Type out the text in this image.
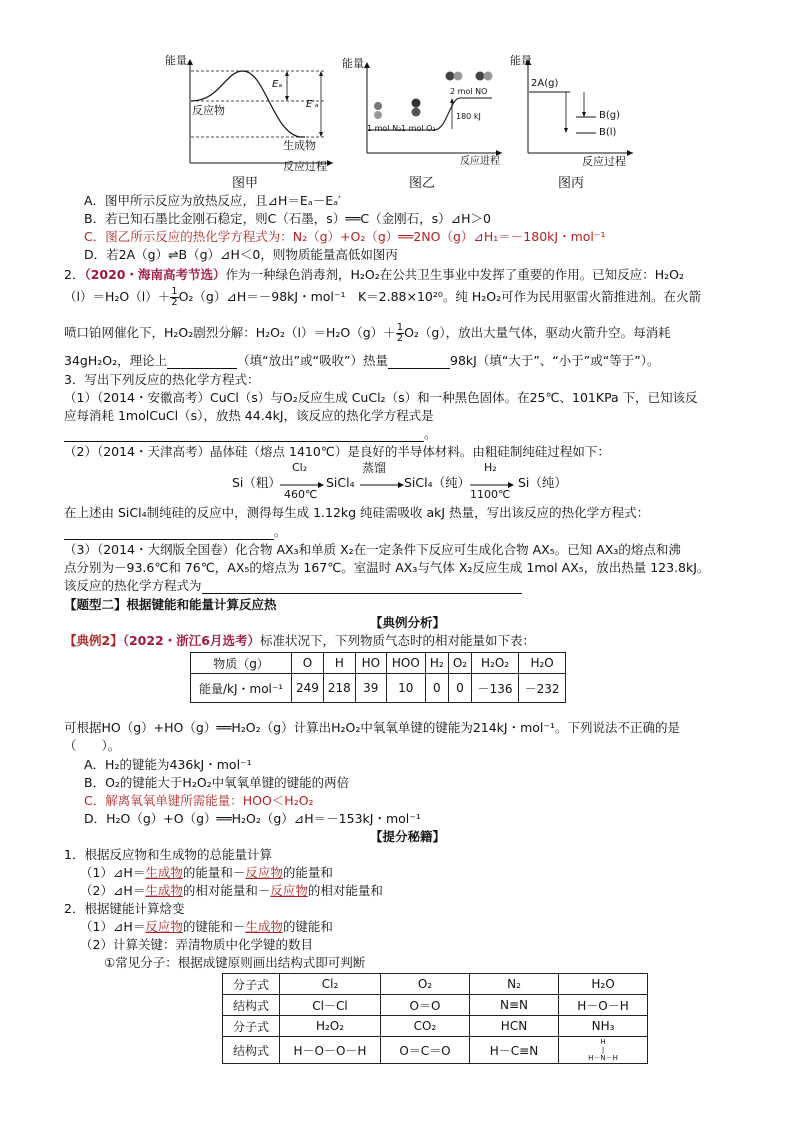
能量
反应物
生成物
Eₐ
E′ₐ
反应过程
图甲
能量
1 mol N₂ 1 mol O₂
2 mol NO
180 kJ
反应进程
图乙
能量
2A(g)
B(g)
B(l)
反应过程
图丙
A．图甲所示反应为放热反应，且⊿H＝Eₐ－Eₐ′
B．若已知石墨比金刚石稳定，则C（石墨，s）══C（金刚石，s）⊿H＞0
C．图乙所示反应的热化学方程式为：N₂（g）+O₂（g）══2NO（g）⊿H₁＝－180kJ・mol⁻¹
D．若2A（g）⇌B（g）⊿H＜0，则物质能量高低如图丙
2．（2020・海南高考节选）作为一种绿色消毒剂，H₂O₂在公共卫生事业中发挥了重要的作用。已知反应：H₂O₂
$(l)=H_2O(l)+ \frac{1}{2}$ O₂（g）⊿H＝－98kJ・mol⁻¹　K＝2.88×10²⁰。纯 H₂O₂可作为民用驱雷火箭推进剂。在火箭
喷口铂网催化下，H₂O₂剧烈分解：$H_2O_2(l)=H_2O(g)+ \frac{1}{2} O_2(g)$，放出大量气体，驱动火箭升空。每消耗
34gH₂O₂，理论上	（填“放出”或“吸收”）热量	98kJ（填“大于”、“小于”或“等于”）。
3．写出下列反应的热化学方程式：
（1）（2014・安徽高考）CuCl（s）与O₂反应生成 CuCl₂（s）和一种黑色固体。在25℃、101KPa 下，已知该反
应每消耗 1molCuCl（s），放热 44.4kJ，该反应的热化学方程式是
。
（2）（2014・天津高考）晶体硅（熔点 1410℃）是良好的半导体材料。由粗硅制纯硅过程如下：
Si（粗）
Cl₂
460℃
SiCl₄
蒸馏
SiCl₄（纯）
H₂
1100℃
Si（纯）
在上述由 SiCl₄制纯硅的反应中，测得每生成 1.12kg 纯硅需吸收 akJ 热量，写出该反应的热化学方程式：
。
（3）（2014・大纲版全国卷）化合物 AX₃和单质 X₂在一定条件下反应可生成化合物 AX₅。已知 AX₃的熔点和沸
点分别为－93.6℃和 76℃，AX₅的熔点为 167℃。室温时 AX₃与气体 X₂反应生成 1mol AX₅，放出热量 123.8kJ。
该反应的热化学方程式为
【题型二】根据键能和能量计算反应热
【典例分析】
【典例2】（2022・浙江6月选考）标准状况下，下列物质气态时的相对能量如下表：
物质（g）	O	H	HO	HOO	H₂	O₂	H₂O₂	H₂O
能量/kJ・mol⁻¹	249	218	39	10	0	0	－136	－232
可根据HO（g）+HO（g）══H₂O₂（g）计算出H₂O₂中氧氧单键的键能为214kJ・mol⁻¹。下列说法不正确的是
（　　）。
A．H₂的键能为436kJ・mol⁻¹
B．O₂的键能大于H₂O₂中氧氧单键的键能的两倍
C．解离氧氧单键所需能量：HOO＜H₂O₂
D．H₂O（g）+O（g）══H₂O₂（g）⊿H＝－153kJ・mol⁻¹
【提分秘籍】
1．根据反应物和生成物的总能量计算
（1）⊿H＝生成物的能量和－反应物的能量和
（2）⊿H＝生成物的相对能量和－反应物的相对能量和
2．根据键能计算焓变
（1）⊿H＝反应物的键能和－生成物的键能和
（2）计算关键：弄清物质中化学键的数目
①常见分子：根据成键原则画出结构式即可判断
分子式	Cl₂	O₂	N₂	H₂O
结构式	Cl－Cl	O＝O	N≡N	H－O－H
分子式	H₂O₂	CO₂	HCN	NH₃
结构式	H－O－O－H	O＝C＝O	H－C≡N	H
|
H－N－H
